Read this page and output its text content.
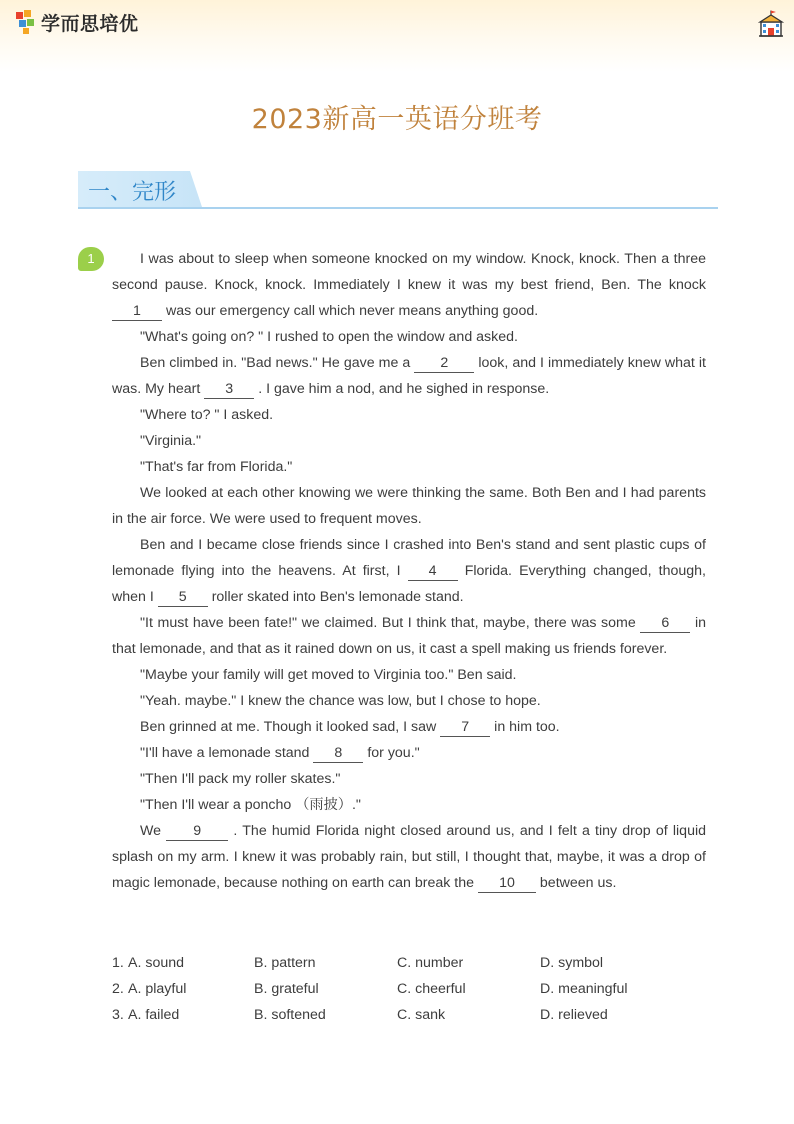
学而思培优
2023新高一英语分班考
一、完形
1	I was about to sleep when someone knocked on my window. Knock, knock. Then a three second pause. Knock, knock. Immediately I knew it was my best friend, Ben. The knock 1 was our emergency call which never means anything good.

"What's going on? " I rushed to open the window and asked.

Ben climbed in. "Bad news." He gave me a 2 look, and I immediately knew what it was. My heart 3 . I gave him a nod, and he sighed in response.

"Where to? " I asked.

"Virginia."

"That's far from Florida."

We looked at each other knowing we were thinking the same. Both Ben and I had parents in the air force. We were used to frequent moves.

Ben and I became close friends since I crashed into Ben's stand and sent plastic cups of lemonade flying into the heavens. At first, I 4 Florida. Everything changed, though, when I 5 roller skated into Ben's lemonade stand.

"It must have been fate!" we claimed. But I think that, maybe, there was some 6 in that lemonade, and that as it rained down on us, it cast a spell making us friends forever.

"Maybe your family will get moved to Virginia too." Ben said.

"Yeah. maybe." I knew the chance was low, but I chose to hope.

Ben grinned at me. Though it looked sad, I saw 7 in him too.

"I'll have a lemonade stand 8 for you."

"Then I'll pack my roller skates."

"Then I'll wear a poncho （雨披）."

We 9 . The humid Florida night closed around us, and I felt a tiny drop of liquid splash on my arm. I knew it was probably rain, but still, I thought that, maybe, it was a drop of magic lemonade, because nothing on earth can break the 10 between us.

1. A. sound	B. pattern	C. number	D. symbol
2. A. playful	B. grateful	C. cheerful	D. meaningful
3. A. failed	B. softened	C. sank	D. relieved
